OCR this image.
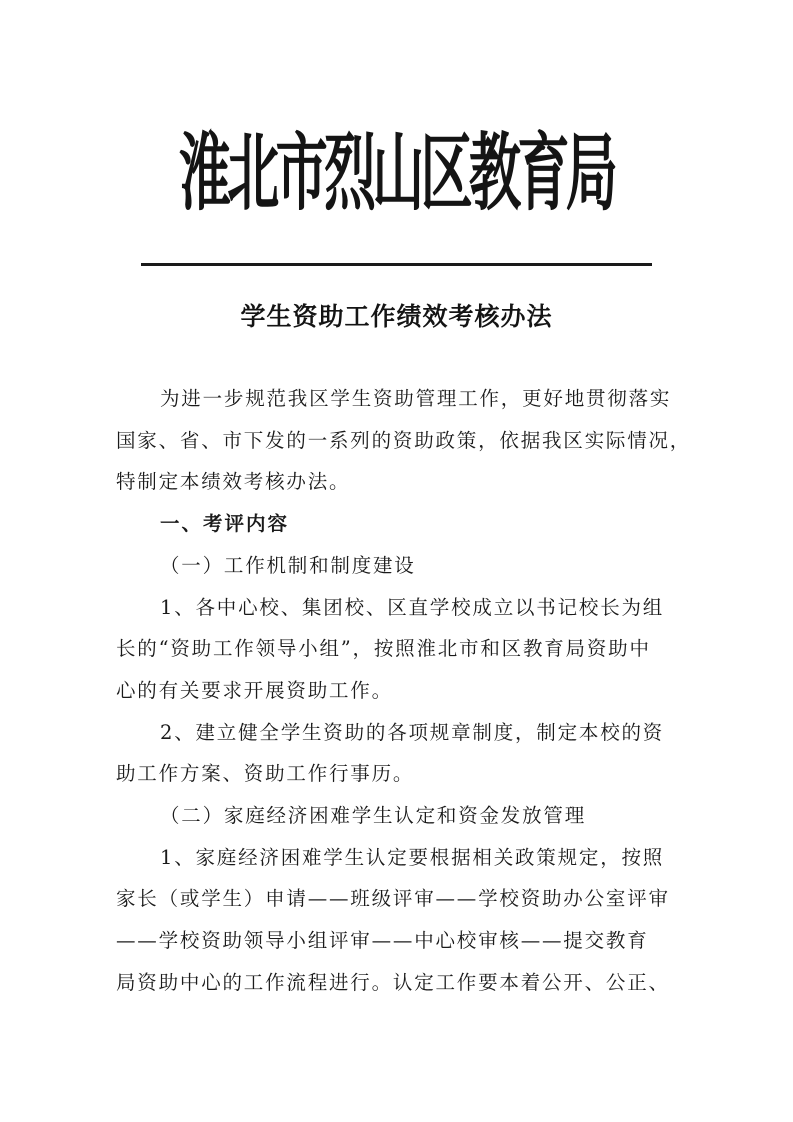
淮北市烈山区教育局
学生资助工作绩效考核办法

为进一步规范我区学生资助管理工作，更好地贯彻落实
国家、省、市下发的一系列的资助政策，依据我区实际情况，
特制定本绩效考核办法。

一、考评内容

（一）工作机制和制度建设

1、各中心校、集团校、区直学校成立以书记校长为组
长的“资助工作领导小组”，按照淮北市和区教育局资助中
心的有关要求开展资助工作。

2、建立健全学生资助的各项规章制度，制定本校的资
助工作方案、资助工作行事历。

（二）家庭经济困难学生认定和资金发放管理

1、家庭经济困难学生认定要根据相关政策规定，按照
家长（或学生）申请——班级评审——学校资助办公室评审
——学校资助领导小组评审——中心校审核——提交教育
局资助中心的工作流程进行。认定工作要本着公开、公正、
